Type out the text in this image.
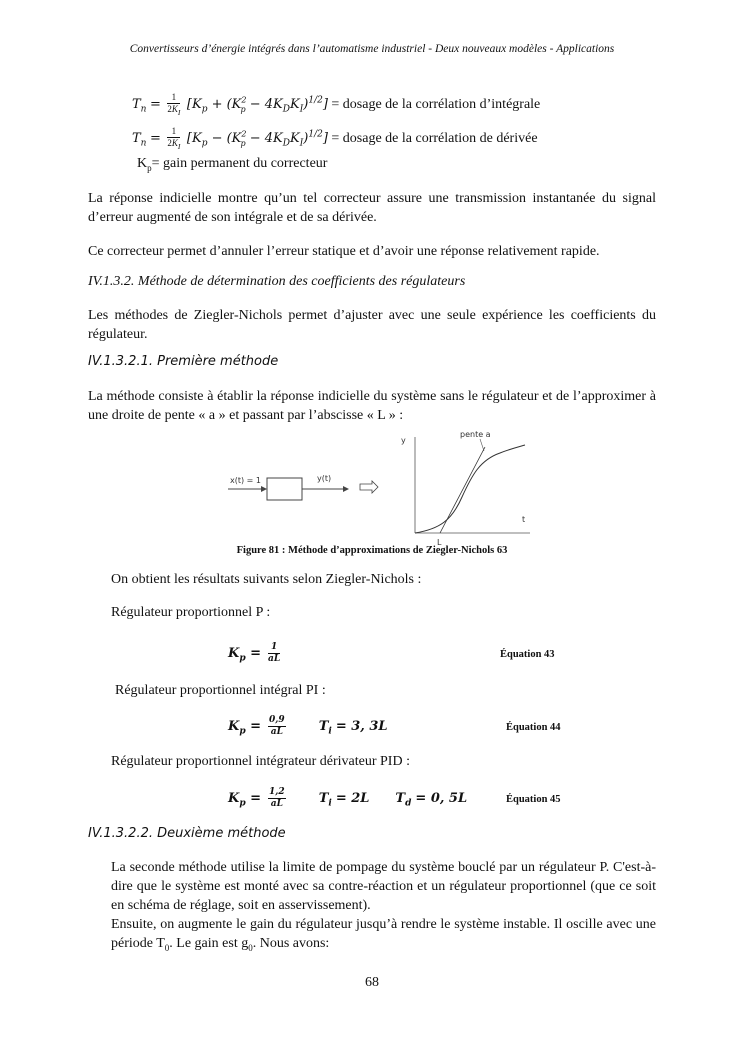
Convertisseurs d’énergie intégrés dans l’automatisme industriel - Deux nouveaux modèles - Applications
$T_n = \frac{1}{2K_I} [K_p + (K^2_p - 4K_DK_I)^{1/2}]$ = dosage de la corrélation d’intégrale
$T_n = \frac{1}{2K_I} [K_p - (K^2_p - 4K_DK_I)^{1/2}]$ = dosage de la corrélation de dérivée
$K_p=$ gain permanent du correcteur
La réponse indicielle montre qu’un tel correcteur assure une transmission instantanée du signal d’erreur augmenté de son intégrale et de sa dérivée.
Ce correcteur permet d’annuler l’erreur statique et d’avoir une réponse relativement rapide.
IV.1.3.2. Méthode de détermination des coefficients des régulateurs
Les méthodes de Ziegler-Nichols permet d’ajuster avec une seule expérience les coefficients du régulateur.
IV.1.3.2.1. Première méthode
La méthode consiste à établir la réponse indicielle du système sans le régulateur et de l’approximer à une droite de pente « a » et passant par l’abscisse « L » :
x(t) = 1	y(t)
y
t
pente a
L
Figure 81 : Méthode d’approximations de Ziegler-Nichols 63
On obtient les résultats suivants selon Ziegler-Nichols :
Régulateur proportionnel P :
$K_p = \frac{1}{aL}$	Équation 43
Régulateur proportionnel intégral PI :
$K_p = \frac{0,9}{aL}$	$T_i = 3$, 3L	Équation 44
Régulateur proportionnel intégrateur dérivateur PID :
$K_p = \frac{1,2}{aL}$	$T_i = 2L$ $T_d = 0$, 5L	Équation 45
IV.1.3.2.2. Deuxième méthode
La seconde méthode utilise la limite de pompage du système bouclé par un régulateur P. C'est-à-dire que le système est monté avec sa contre-réaction et un régulateur proportionnel (que ce soit en schéma de réglage, soit en asservissement).
Ensuite, on augmente le gain du régulateur jusqu’à rendre le système instable. Il oscille avec une période $T_0$. Le gain est $g_0$. Nous avons:
68
